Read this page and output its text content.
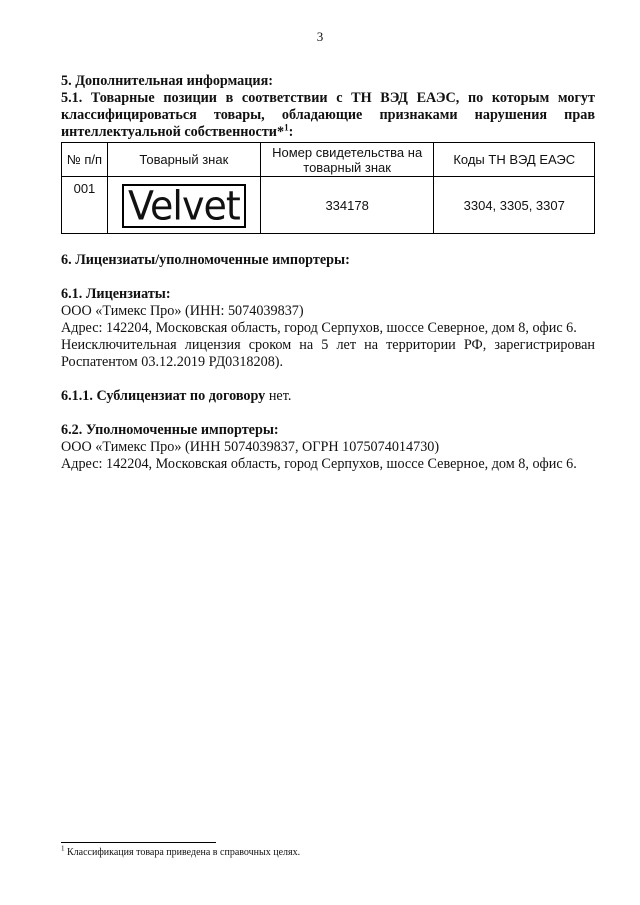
3

5. Дополнительная информация:

5.1. Товарные позиции в соответствии с ТН ВЭД ЕАЭС, по которым могут классифицироваться товары, обладающие признаками нарушения прав интеллектуальной собственности*$^1$:

№ п/п	Товарный знак	Номер свидетельства на товарный знак	Коды ТН ВЭД ЕАЭС
001	Velvet	334178	3304, 3305, 3307

6. Лицензиаты/уполномоченные импортеры:

6.1. Лицензиаты:

ООО «Тимекс Про» (ИНН: 5074039837)

Адрес: 142204, Московская область, город Серпухов, шоссе Северное, дом 8, офис 6.

Неисключительная лицензия сроком на 5 лет на территории РФ, зарегистрирован Роспатентом 03.12.2019 РД0318208).

6.1.1. Сублицензиат по договору нет.

6.2. Уполномоченные импортеры:

ООО «Тимекс Про» (ИНН 5074039837, ОГРН 1075074014730)

Адрес: 142204, Московская область, город Серпухов, шоссе Северное, дом 8, офис 6.

$^1$ Классификация товара приведена в справочных целях.
